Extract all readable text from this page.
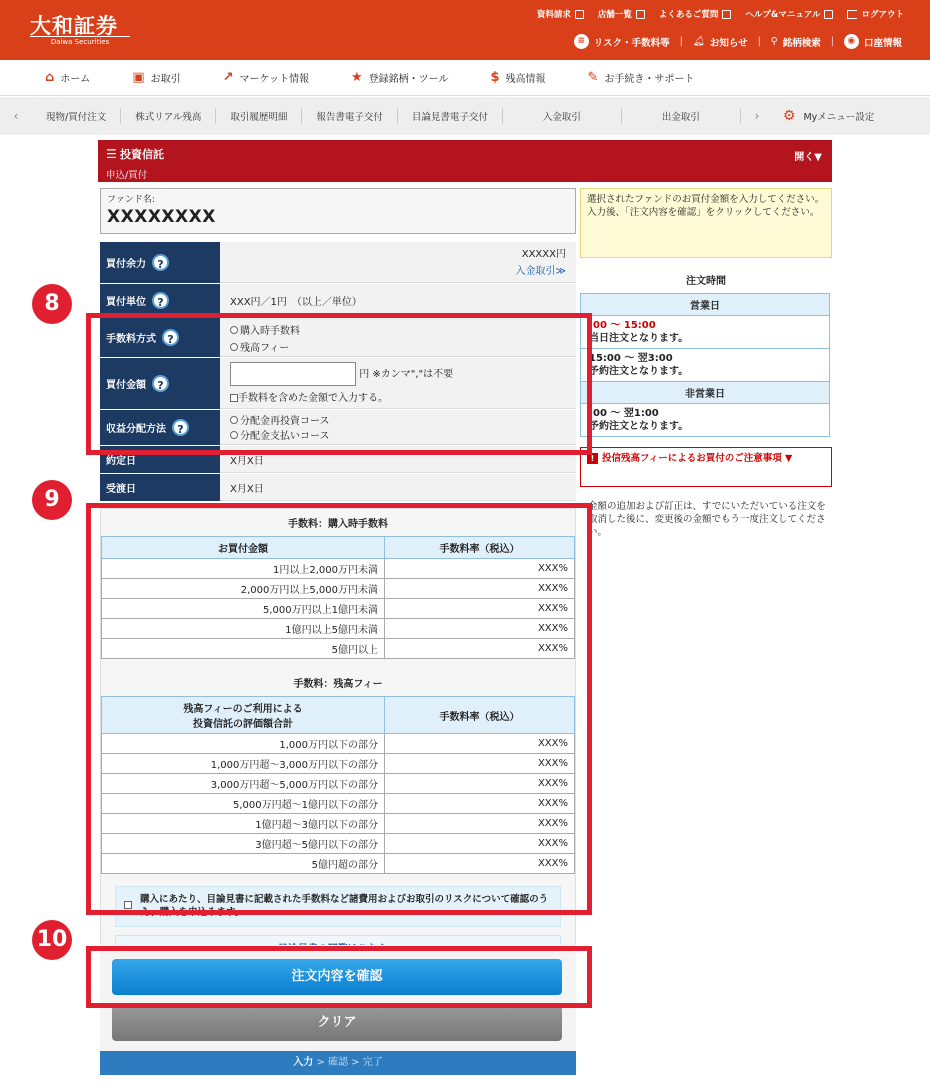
大和証券
Daiwa Securities
資料請求	店舗一覧	よくあるご質問	ヘルプ&マニュアル	ログアウト
≡ リスク・手数料等 | 🔔︎ お知らせ | ⚲ 銘柄検索 |	◉ 口座情報
⌂ ホーム	▣ お取引	↗ マーケット情報	★ 登録銘柄・ツール	$ 残高情報	✎ お手続き・サポート
‹	現物/買付注文	株式リアル残高	取引履歴明細	報告書電子交付	目論見書電子交付	入金取引	出金取引	›	⚙ Myメニュー設定
☰ 投資信託
申込/買付
開く▼
ファンド名:
XXXXXXXX
買付余力	?
XXXXX円
入金取引≫
買付単位	?	XXX円／1円　（以上／単位）
手数料方式	?
購入時手数料
残高フィー
買付金額	?
円 ※カンマ","は不要
手数料を含めた金額で入力する。
収益分配方法	?
分配金再投資コース
分配金支払いコース
約定日	X月X日
受渡日	X月X日
選択されたファンドのお買付金額を入力してください。
入力後、「注文内容を確認」をクリックしてください。
注文時間
営業日
:00 ～ 15:00
当日注文となります。
15:00 ～ 翌3:00
予約注文となります。
非営業日
:00 ～ 翌1:00
予約注文となります。
! 投信残高フィーによるお買付のご注意事項 ▼
金額の追加および訂正は、すでにいただいている注文を取消した後に、変更後の金額でもう一度注文してください。
手数料：購入時手数料
お買付金額	手数料率（税込）
1円以上2,000万円未満	XXX%
2,000万円以上5,000万円未満	XXX%
5,000万円以上1億円未満	XXX%
1億円以上5億円未満	XXX%
5億円以上	XXX%
手数料：残高フィー
残高フィーのご利用による
投資信託の評価額合計	手数料率（税込）
1,000万円以下の部分	XXX%
1,000万円超～3,000万円以下の部分	XXX%
3,000万円超～5,000万円以下の部分	XXX%
5,000万円超～1億円以下の部分	XXX%
1億円超～3億円以下の部分	XXX%
3億円超～5億円以下の部分	XXX%
5億円超の部分	XXX%
購入にあたり、目論見書に記載された手数料など諸費用およびお取引のリスクについて確認のうえ、購入を申込みます。
注文内容を確認
クリア
入力 > 確認 > 完了
8
9
10
